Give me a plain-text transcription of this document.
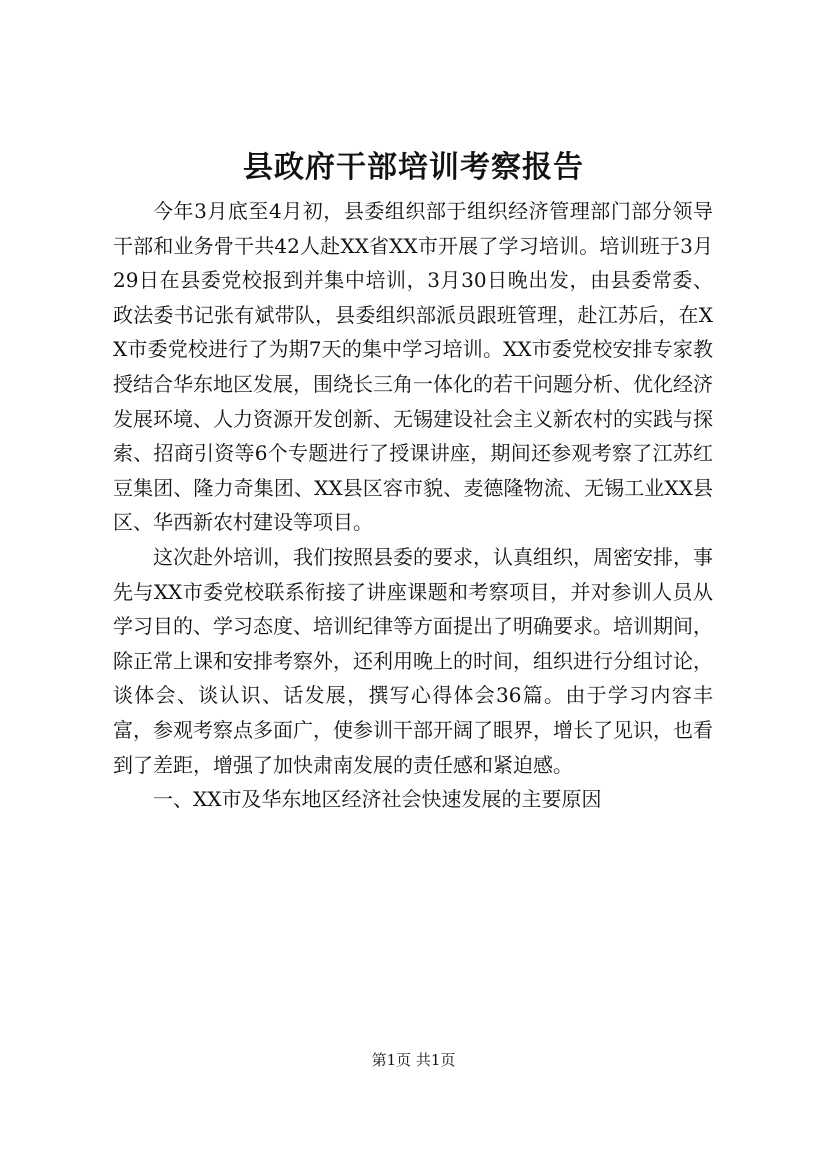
县政府干部培训考察报告

今年3月底至4月初，县委组织部于组织经济管理部门部分领导干部和业务骨干共42人赴XX省XX市开展了学习培训。培训班于3月29日在县委党校报到并集中培训，3月30日晚出发，由县委常委、政法委书记张有斌带队，县委组织部派员跟班管理，赴江苏后，在XX市委党校进行了为期7天的集中学习培训。XX市委党校安排专家教授结合华东地区发展，围绕长三角一体化的若干问题分析、优化经济发展环境、人力资源开发创新、无锡建设社会主义新农村的实践与探索、招商引资等6个专题进行了授课讲座，期间还参观考察了江苏红豆集团、隆力奇集团、XX县区容市貌、麦德隆物流、无锡工业XX县区、华西新农村建设等项目。

这次赴外培训，我们按照县委的要求，认真组织，周密安排，事先与XX市委党校联系衔接了讲座课题和考察项目，并对参训人员从学习目的、学习态度、培训纪律等方面提出了明确要求。培训期间，除正常上课和安排考察外，还利用晚上的时间，组织进行分组讨论，谈体会、谈认识、话发展，撰写心得体会36篇。由于学习内容丰富，参观考察点多面广，使参训干部开阔了眼界，增长了见识，也看到了差距，增强了加快肃南发展的责任感和紧迫感。

一、XX市及华东地区经济社会快速发展的主要原因

第1页 共1页
